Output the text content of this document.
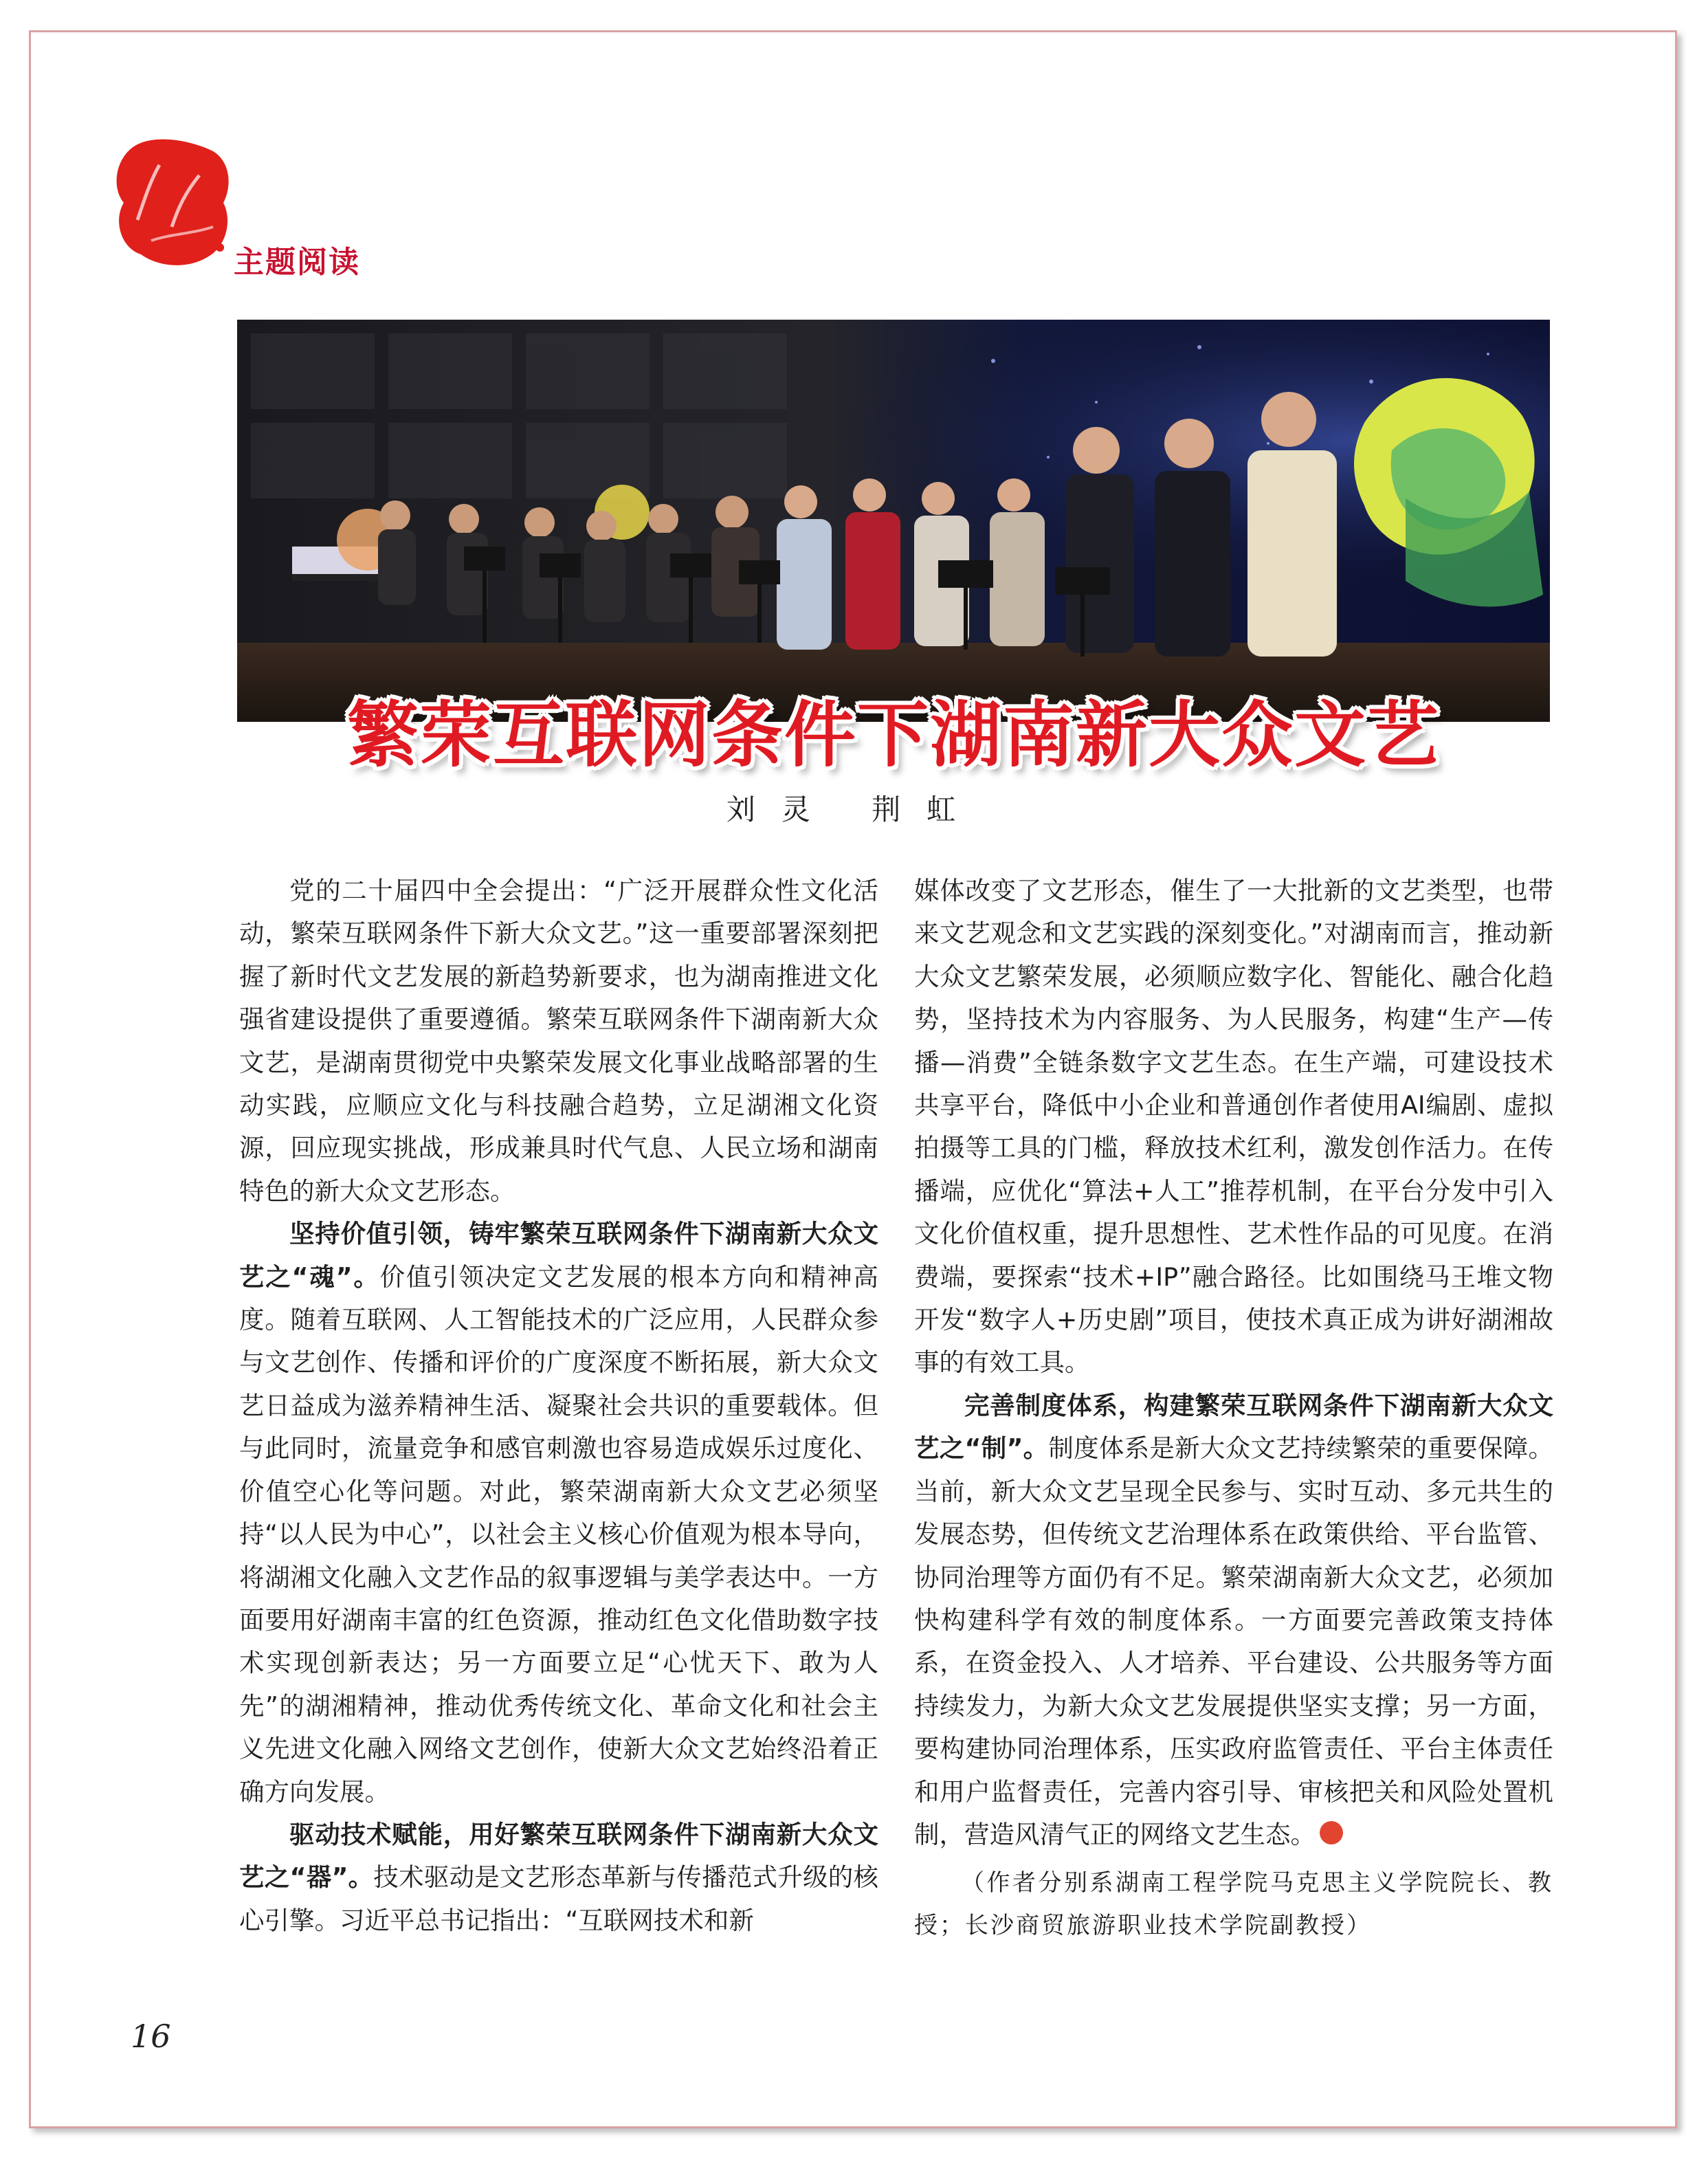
主题阅读
繁荣互联网条件下湖南新大众文艺
刘灵 荆虹

党的二十届四中全会提出：“广泛开展群众性文化活动，繁荣互联网条件下新大众文艺。”这一重要部署深刻把握了新时代文艺发展的新趋势新要求，也为湖南推进文化强省建设提供了重要遵循。繁荣互联网条件下湖南新大众文艺，是湖南贯彻党中央繁荣发展文化事业战略部署的生动实践，应顺应文化与科技融合趋势，立足湖湘文化资源，回应现实挑战，形成兼具时代气息、人民立场和湖南特色的新大众文艺形态。

坚持价值引领，铸牢繁荣互联网条件下湖南新大众文艺之“魂”。价值引领决定文艺发展的根本方向和精神高度。随着互联网、人工智能技术的广泛应用，人民群众参与文艺创作、传播和评价的广度深度不断拓展，新大众文艺日益成为滋养精神生活、凝聚社会共识的重要载体。但与此同时，流量竞争和感官刺激也容易造成娱乐过度化、价值空心化等问题。对此，繁荣湖南新大众文艺必须坚持“以人民为中心”，以社会主义核心价值观为根本导向，将湖湘文化融入文艺作品的叙事逻辑与美学表达中。一方面要用好湖南丰富的红色资源，推动红色文化借助数字技术实现创新表达；另一方面要立足“心忧天下、敢为人先”的湖湘精神，推动优秀传统文化、革命文化和社会主义先进文化融入网络文艺创作，使新大众文艺始终沿着正确方向发展。

驱动技术赋能，用好繁荣互联网条件下湖南新大众文艺之“器”。技术驱动是文艺形态革新与传播范式升级的核心引擎。习近平总书记指出：“互联网技术和新

媒体改变了文艺形态，催生了一大批新的文艺类型，也带来文艺观念和文艺实践的深刻变化。”对湖南而言，推动新大众文艺繁荣发展，必须顺应数字化、智能化、融合化趋势，坚持技术为内容服务、为人民服务，构建“生产—传播—消费”全链条数字文艺生态。在生产端，可建设技术共享平台，降低中小企业和普通创作者使用AI编剧、虚拟拍摄等工具的门槛，释放技术红利，激发创作活力。在传播端，应优化“算法+人工”推荐机制，在平台分发中引入文化价值权重，提升思想性、艺术性作品的可见度。在消费端，要探索“技术+IP”融合路径。比如围绕马王堆文物开发“数字人+历史剧”项目，使技术真正成为讲好湖湘故事的有效工具。

完善制度体系，构建繁荣互联网条件下湖南新大众文艺之“制”。制度体系是新大众文艺持续繁荣的重要保障。当前，新大众文艺呈现全民参与、实时互动、多元共生的发展态势，但传统文艺治理体系在政策供给、平台监管、协同治理等方面仍有不足。繁荣湖南新大众文艺，必须加快构建科学有效的制度体系。一方面要完善政策支持体系，在资金投入、人才培养、平台建设、公共服务等方面持续发力，为新大众文艺发展提供坚实支撑；另一方面，要构建协同治理体系，压实政府监管责任、平台主体责任和用户监督责任，完善内容引导、审核把关和风险处置机制，营造风清气正的网络文艺生态。

（作者分别系湖南工程学院马克思主义学院院长、教授；长沙商贸旅游职业技术学院副教授）
16
